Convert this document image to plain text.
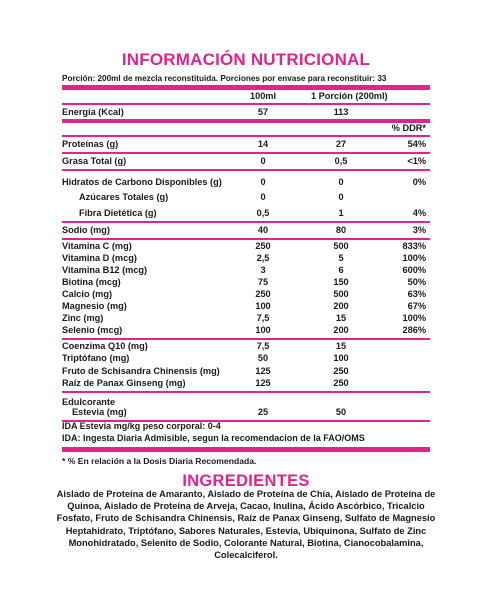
INFORMACIÓN NUTRICIONAL
Porción: 200ml de mezcla reconstituida. Porciones por envase para reconstituir: 33
100ml	1 Porción (200ml)
Energía (Kcal)	57	113
% DDR*
Proteínas (g)	14	27	54%
Grasa Total (g)	0	0,5	<1%
Hidratos de Carbono Disponibles (g)	0	0	0%
Azúcares Totales (g)	0	0
Fibra Dietética (g)	0,5	1	4%
Sodio (mg)	40	80	3%
Vitamina C (mg)	250	500	833%
Vitamina D (mcg)	2,5	5	100%
Vitamina B12 (mcg)	3	6	600%
Biotina (mcg)	75	150	50%
Calcio (mg)	250	500	63%
Magnesio (mg)	100	200	67%
Zinc (mg)	7,5	15	100%
Selenio (mcg)	100	200	286%
Coenzima Q10 (mg)	7,5	15
Triptófano (mg)	50	100
Fruto de Schisandra Chinensis (mg)	125	250
Raíz de Panax Ginseng (mg)	125	250
Edulcorante
Estevia (mg)	25	50
IDA Estevia mg/kg peso corporal: 0-4
IDA: Ingesta Diaria Admisible, segun la recomendacion de la FAO/OMS
* % En relación a la Dosis Diaria Recomendada.
INGREDIENTES
Aislado de Proteína de Amaranto, Aislado de Proteína de Chía, Aislado de Proteína de Quinoa, Aislado de Proteína de Arveja, Cacao, Inulina, Ácido Ascórbico, Tricalcio Fosfato, Fruto de Schisandra Chinensis, Raíz de Panax Ginseng, Sulfato de Magnesio Heptahidrato, Triptófano, Sabores Naturales, Estevia, Ubiquinona, Sulfato de Zinc Monohidratado, Selenito de Sodio, Colorante Natural, Biotina, Cianocobalamina, Colecalciferol.
